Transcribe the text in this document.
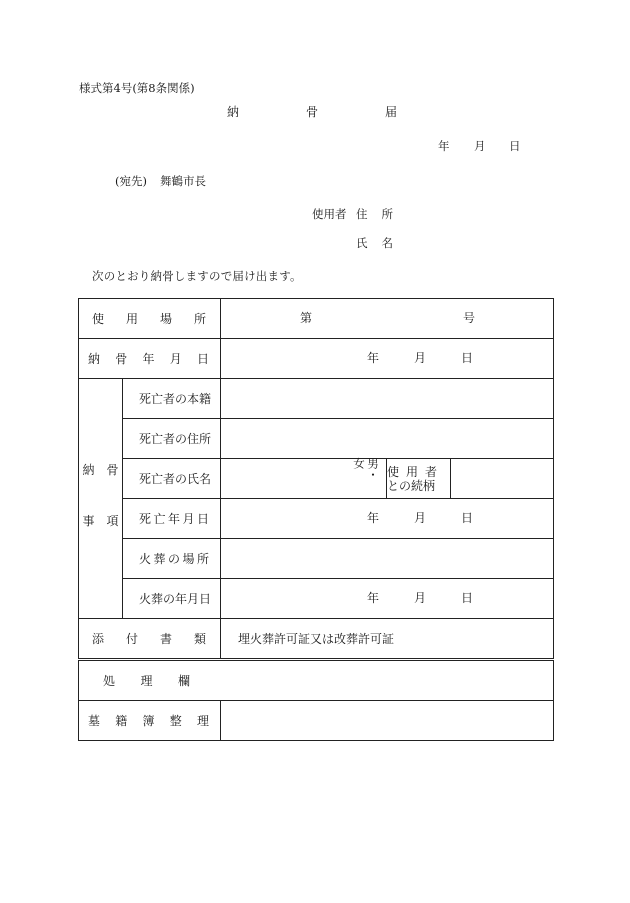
様式第4号(第8条関係)
納骨届
年 月 日
(宛先) 舞鶴市長
使用者 住所
氏名
次のとおり納骨しますので届け出ます。
使用場所		第 号		

納骨年月日		年 月 日		

納骨
事項	死亡者の本籍			

	死亡者の住所			

	死亡者の氏名	男・女	使用者
との続柄	

	死亡年月日	年 月 日		

	火葬の場所			

	火葬の年月日	年 月 日		

添付書類		埋火葬許可証又は改葬許可証		

処理欄				

墓籍簿整理				
